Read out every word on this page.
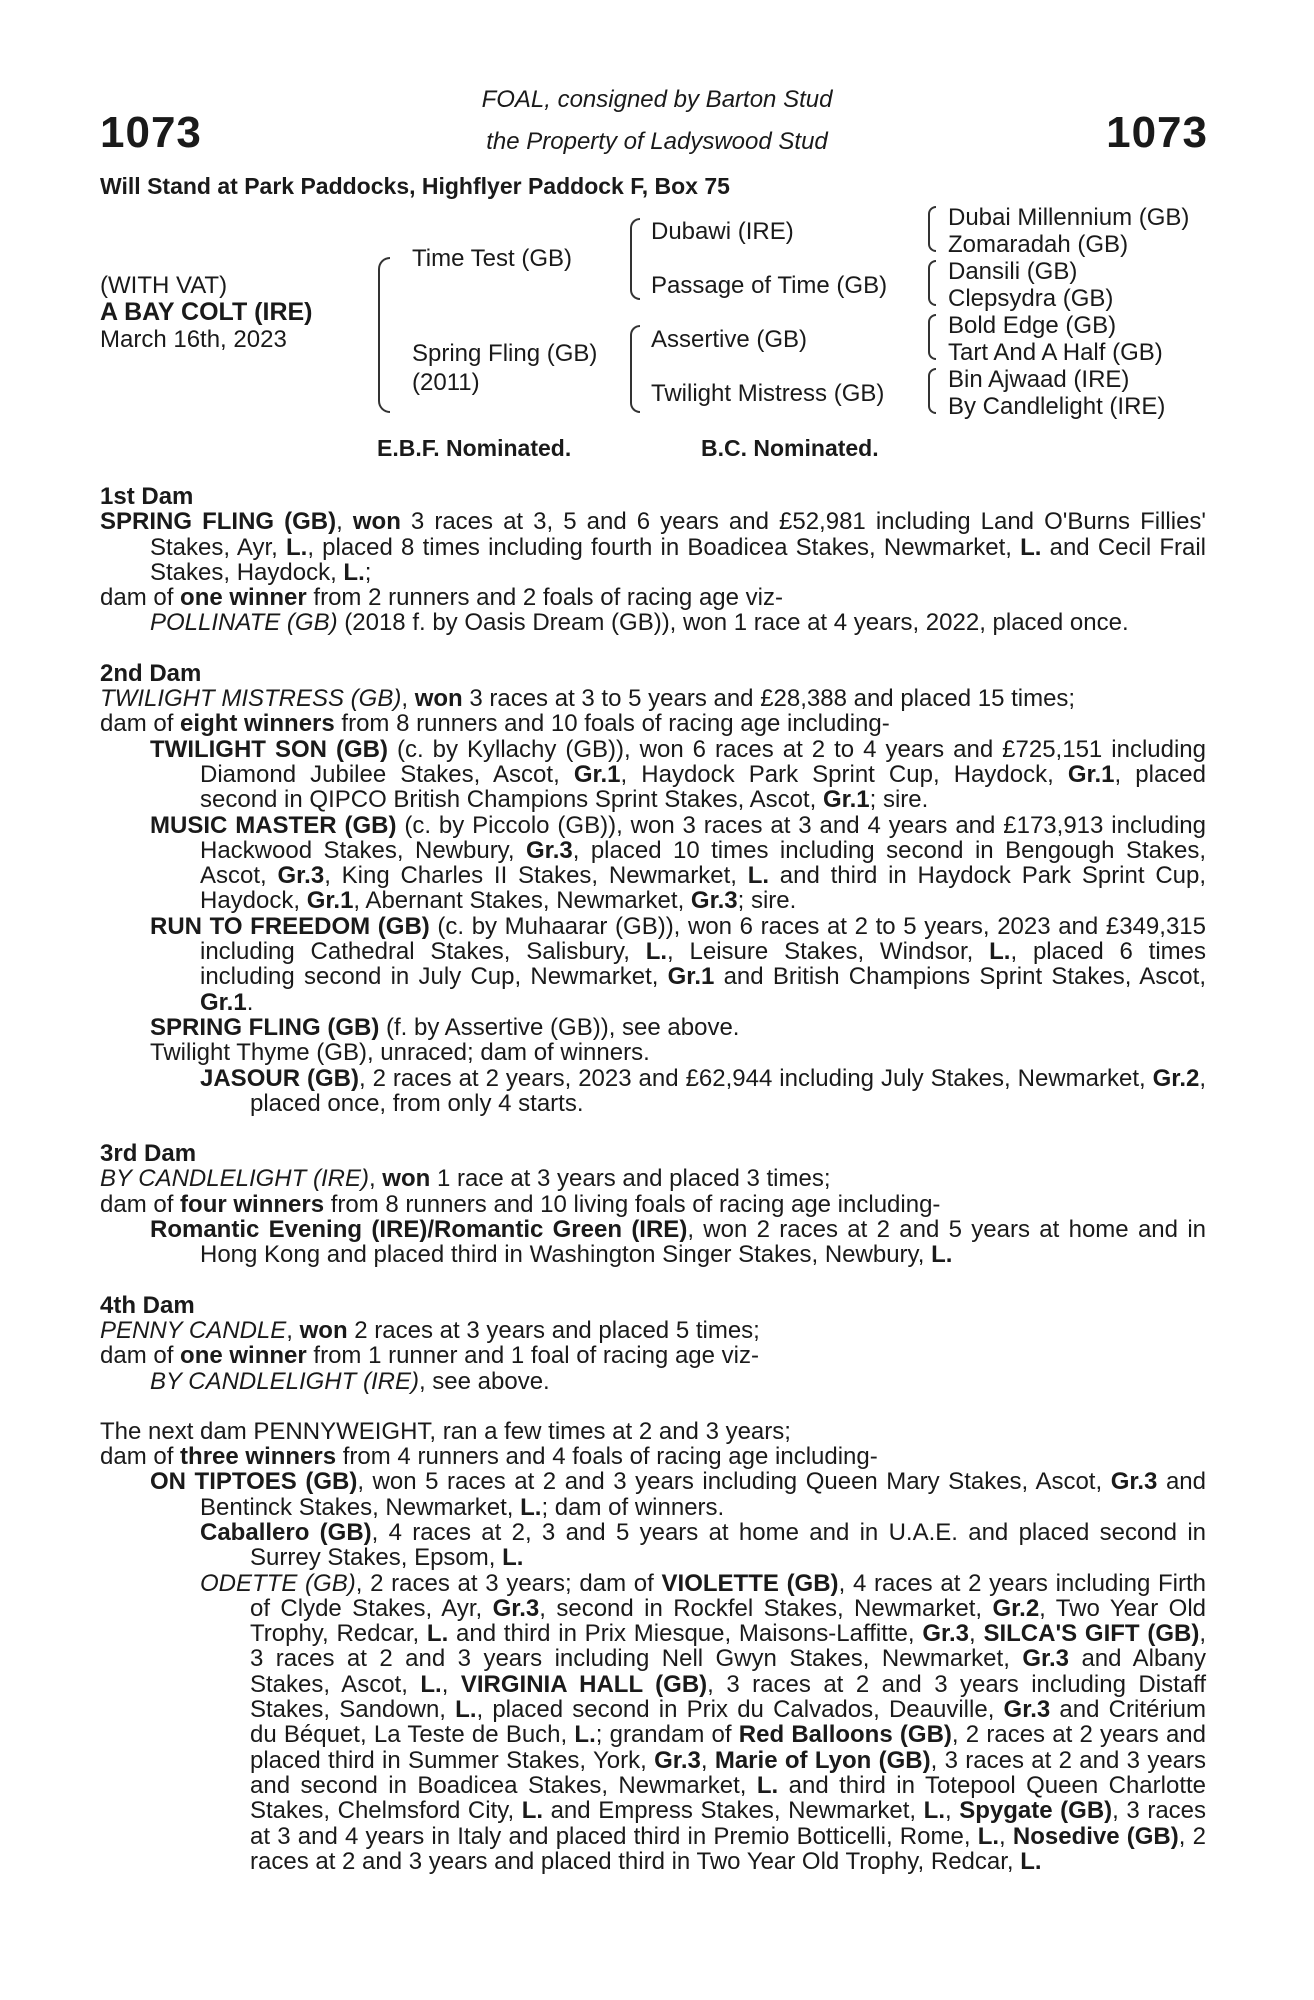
1073	1073
FOAL, consigned by Barton Stud
the Property of Ladyswood Stud
Will Stand at Park Paddocks, Highflyer Paddock F, Box 75
(WITH VAT)
A BAY COLT (IRE)
March 16th, 2023
Time Test (GB)
Spring Fling (GB)
(2011)
Dubawi (IRE)
Passage of Time (GB)
Assertive (GB)
Twilight Mistress (GB)
Dubai Millennium (GB)
Zomaradah (GB)
Dansili (GB)
Clepsydra (GB)
Bold Edge (GB)
Tart And A Half (GB)
Bin Ajwaad (IRE)
By Candlelight (IRE)
E.B.F. Nominated.	B.C. Nominated.
1st Dam
SPRING FLING (GB), won 3 races at 3, 5 and 6 years and £52,981 including Land O'Burns Fillies' Stakes, Ayr, L., placed 8 times including fourth in Boadicea Stakes, Newmarket, L. and Cecil Frail Stakes, Haydock, L.;
dam of one winner from 2 runners and 2 foals of racing age viz-
POLLINATE (GB) (2018 f. by Oasis Dream (GB)), won 1 race at 4 years, 2022, placed once.
2nd Dam
TWILIGHT MISTRESS (GB), won 3 races at 3 to 5 years and £28,388 and placed 15 times;
dam of eight winners from 8 runners and 10 foals of racing age including-
TWILIGHT SON (GB) (c. by Kyllachy (GB)), won 6 races at 2 to 4 years and £725,151 including Diamond Jubilee Stakes, Ascot, Gr.1, Haydock Park Sprint Cup, Haydock, Gr.1, placed second in QIPCO British Champions Sprint Stakes, Ascot, Gr.1; sire.
MUSIC MASTER (GB) (c. by Piccolo (GB)), won 3 races at 3 and 4 years and £173,913 including Hackwood Stakes, Newbury, Gr.3, placed 10 times including second in Bengough Stakes, Ascot, Gr.3, King Charles II Stakes, Newmarket, L. and third in Haydock Park Sprint Cup, Haydock, Gr.1, Abernant Stakes, Newmarket, Gr.3; sire.
RUN TO FREEDOM (GB) (c. by Muhaarar (GB)), won 6 races at 2 to 5 years, 2023 and £349,315 including Cathedral Stakes, Salisbury, L., Leisure Stakes, Windsor, L., placed 6 times including second in July Cup, Newmarket, Gr.1 and British Champions Sprint Stakes, Ascot, Gr.1.
SPRING FLING (GB) (f. by Assertive (GB)), see above.
Twilight Thyme (GB), unraced; dam of winners.
JASOUR (GB), 2 races at 2 years, 2023 and £62,944 including July Stakes, Newmarket, Gr.2, placed once, from only 4 starts.
3rd Dam
BY CANDLELIGHT (IRE), won 1 race at 3 years and placed 3 times;
dam of four winners from 8 runners and 10 living foals of racing age including-
Romantic Evening (IRE)/Romantic Green (IRE), won 2 races at 2 and 5 years at home and in Hong Kong and placed third in Washington Singer Stakes, Newbury, L.
4th Dam
PENNY CANDLE, won 2 races at 3 years and placed 5 times;
dam of one winner from 1 runner and 1 foal of racing age viz-
BY CANDLELIGHT (IRE), see above.
The next dam PENNYWEIGHT, ran a few times at 2 and 3 years;
dam of three winners from 4 runners and 4 foals of racing age including-
ON TIPTOES (GB), won 5 races at 2 and 3 years including Queen Mary Stakes, Ascot, Gr.3 and Bentinck Stakes, Newmarket, L.; dam of winners.
Caballero (GB), 4 races at 2, 3 and 5 years at home and in U.A.E. and placed second in Surrey Stakes, Epsom, L.
ODETTE (GB), 2 races at 3 years; dam of VIOLETTE (GB), 4 races at 2 years including Firth of Clyde Stakes, Ayr, Gr.3, second in Rockfel Stakes, Newmarket, Gr.2, Two Year Old Trophy, Redcar, L. and third in Prix Miesque, Maisons-Laffitte, Gr.3, SILCA'S GIFT (GB), 3 races at 2 and 3 years including Nell Gwyn Stakes, Newmarket, Gr.3 and Albany Stakes, Ascot, L., VIRGINIA HALL (GB), 3 races at 2 and 3 years including Distaff Stakes, Sandown, L., placed second in Prix du Calvados, Deauville, Gr.3 and Critérium du Béquet, La Teste de Buch, L.; grandam of Red Balloons (GB), 2 races at 2 years and placed third in Summer Stakes, York, Gr.3, Marie of Lyon (GB), 3 races at 2 and 3 years and second in Boadicea Stakes, Newmarket, L. and third in Totepool Queen Charlotte Stakes, Chelmsford City, L. and Empress Stakes, Newmarket, L., Spygate (GB), 3 races at 3 and 4 years in Italy and placed third in Premio Botticelli, Rome, L., Nosedive (GB), 2 races at 2 and 3 years and placed third in Two Year Old Trophy, Redcar, L.
